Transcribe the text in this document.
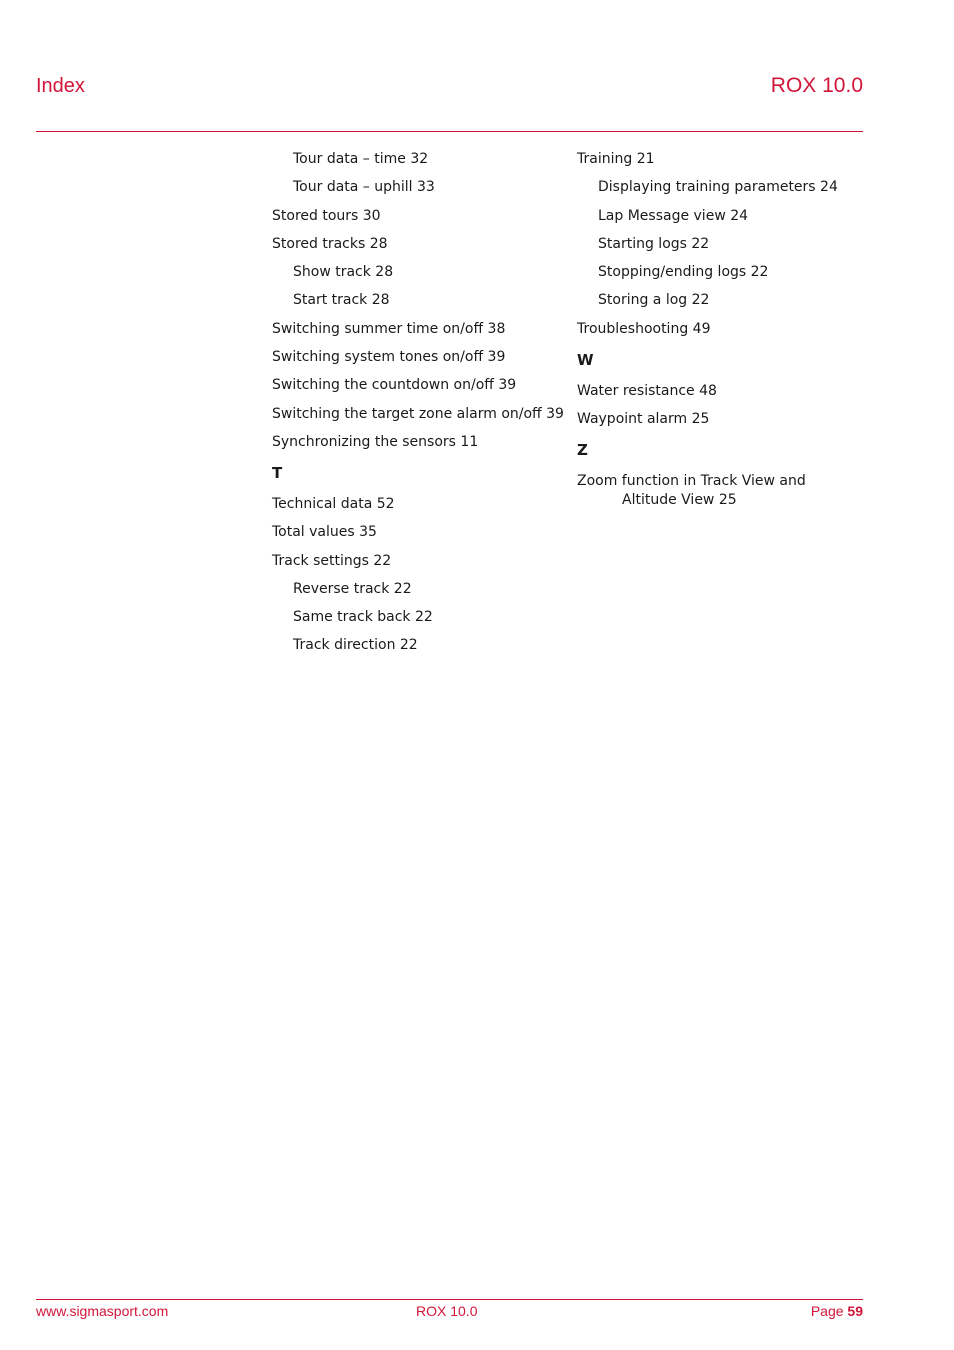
Index	ROX 10.0
Tour data – time 32
Tour data – uphill 33
Stored tours 30
Stored tracks 28
Show track 28
Start track 28
Switching summer time on/off 38
Switching system tones on/off 39
Switching the countdown on/off 39
Switching the target zone alarm on/off 39
Synchronizing the sensors 11
T
Technical data 52
Total values 35
Track settings 22
Reverse track 22
Same track back 22
Track direction 22
Training 21
Displaying training parameters 24
Lap Message view 24
Starting logs 22
Stopping/ending logs 22
Storing a log 22
Troubleshooting 49
W
Water resistance 48
Waypoint alarm 25
Z
Zoom function in Track View and Altitude View 25
www.sigmasport.com	ROX 10.0	Page 59
